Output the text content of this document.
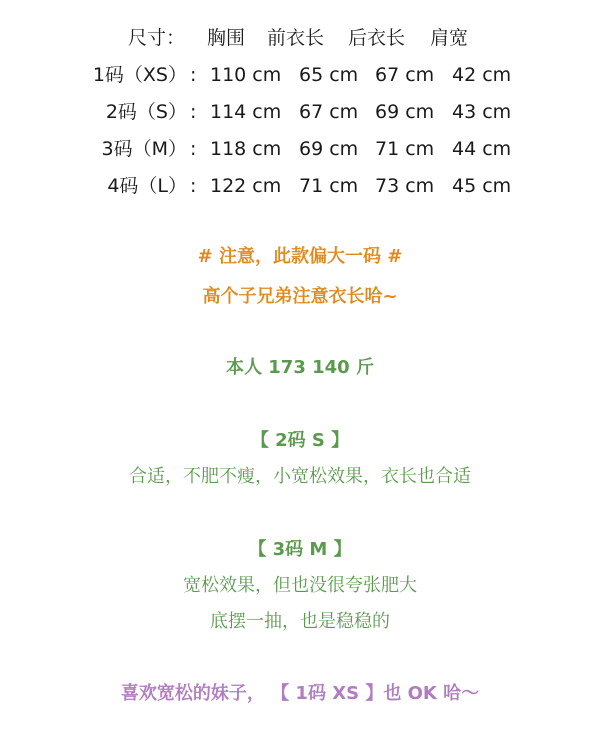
尺寸： 胸围 前衣长 后衣长 肩宽
1码（XS） : 110 cm 65 cm 67 cm 42 cm
2码（S） : 114 cm 67 cm 69 cm 43 cm
3码（M） : 118 cm 69 cm 71 cm 44 cm
4码（L） : 122 cm 71 cm 73 cm 45 cm
# 注意，此款偏大一码 #
高个子兄弟注意衣长哈~
本人 173 140 斤
【 2码 S 】
合适，不肥不瘦，小宽松效果，衣长也合适
【 3码 M 】
宽松效果，但也没很夸张肥大
底摆一抽，也是稳稳的
喜欢宽松的妹子， 【 1码 XS 】也 OK 哈～
